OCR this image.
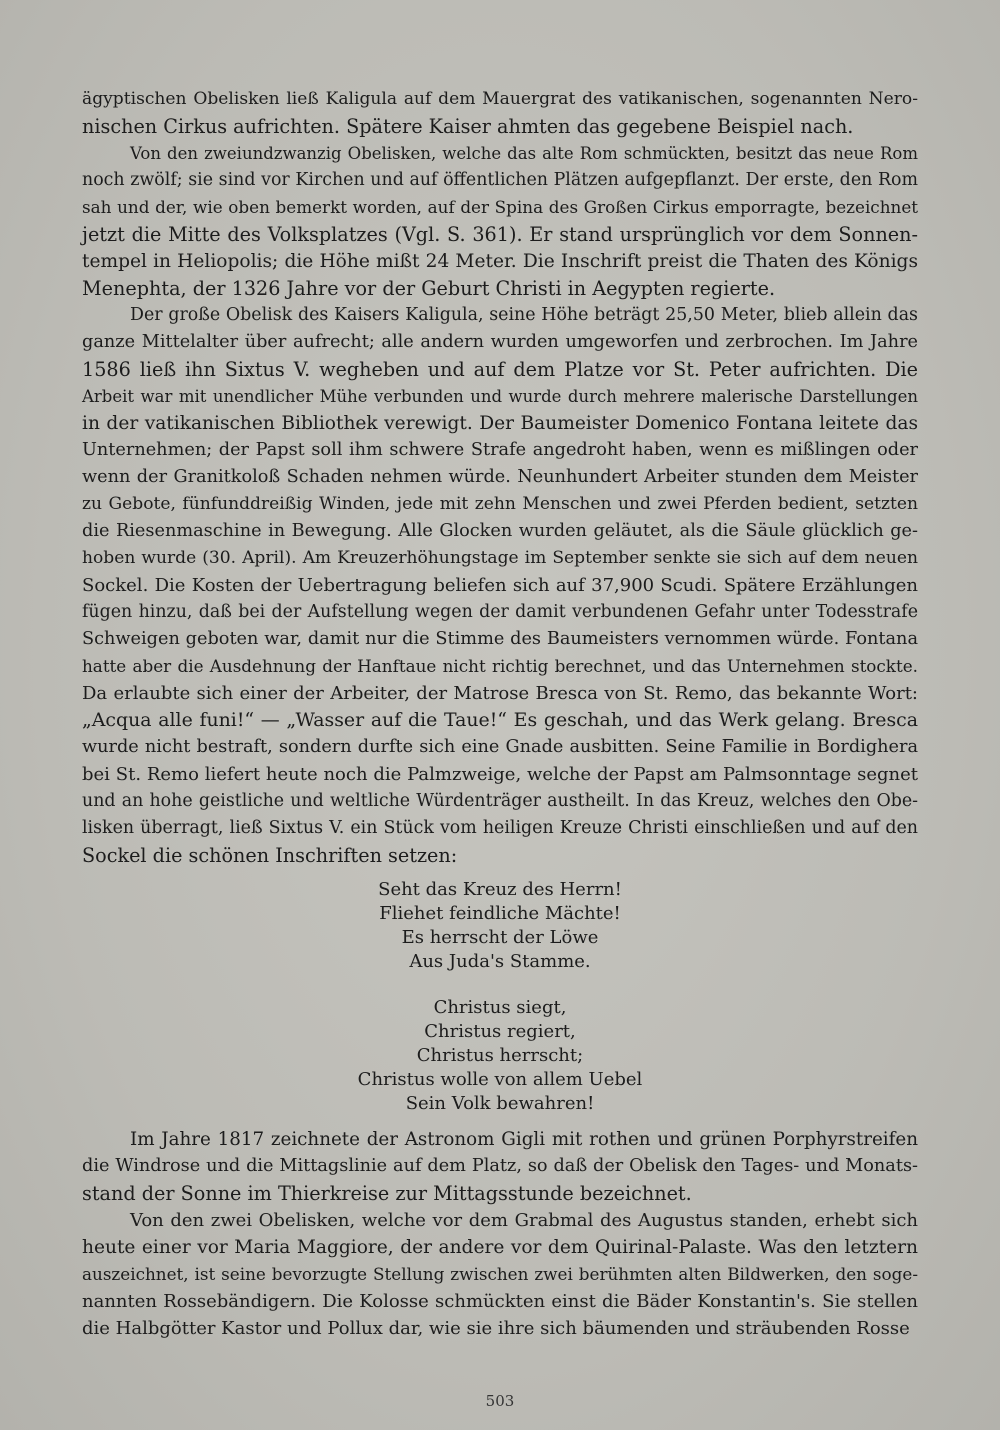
ägyptischen Obelisken ließ Kaligula auf dem Mauergrat des vatikanischen, sogenannten Nero-
nischen Cirkus aufrichten. Spätere Kaiser ahmten das gegebene Beispiel nach.
Von den zweiundzwanzig Obelisken, welche das alte Rom schmückten, besitzt das neue Rom
noch zwölf; sie sind vor Kirchen und auf öffentlichen Plätzen aufgepflanzt. Der erste, den Rom
sah und der, wie oben bemerkt worden, auf der Spina des Großen Cirkus emporragte, bezeichnet
jetzt die Mitte des Volksplatzes (Vgl. S. 361). Er stand ursprünglich vor dem Sonnen-
tempel in Heliopolis; die Höhe mißt 24 Meter. Die Inschrift preist die Thaten des Königs
Menephta, der 1326 Jahre vor der Geburt Christi in Aegypten regierte.
Der große Obelisk des Kaisers Kaligula, seine Höhe beträgt 25,50 Meter, blieb allein das
ganze Mittelalter über aufrecht; alle andern wurden umgeworfen und zerbrochen. Im Jahre
1586 ließ ihn Sixtus V. wegheben und auf dem Platze vor St. Peter aufrichten. Die
Arbeit war mit unendlicher Mühe verbunden und wurde durch mehrere malerische Darstellungen
in der vatikanischen Bibliothek verewigt. Der Baumeister Domenico Fontana leitete das
Unternehmen; der Papst soll ihm schwere Strafe angedroht haben, wenn es mißlingen oder
wenn der Granitkoloß Schaden nehmen würde. Neunhundert Arbeiter stunden dem Meister
zu Gebote, fünfunddreißig Winden, jede mit zehn Menschen und zwei Pferden bedient, setzten
die Riesenmaschine in Bewegung. Alle Glocken wurden geläutet, als die Säule glücklich ge-
hoben wurde (30. April). Am Kreuzerhöhungstage im September senkte sie sich auf dem neuen
Sockel. Die Kosten der Uebertragung beliefen sich auf 37,900 Scudi. Spätere Erzählungen
fügen hinzu, daß bei der Aufstellung wegen der damit verbundenen Gefahr unter Todesstrafe
Schweigen geboten war, damit nur die Stimme des Baumeisters vernommen würde. Fontana
hatte aber die Ausdehnung der Hanftaue nicht richtig berechnet, und das Unternehmen stockte.
Da erlaubte sich einer der Arbeiter, der Matrose Bresca von St. Remo, das bekannte Wort:
„Acqua alle funi!“ — „Wasser auf die Taue!“ Es geschah, und das Werk gelang. Bresca
wurde nicht bestraft, sondern durfte sich eine Gnade ausbitten. Seine Familie in Bordighera
bei St. Remo liefert heute noch die Palmzweige, welche der Papst am Palmsonntage segnet
und an hohe geistliche und weltliche Würdenträger austheilt. In das Kreuz, welches den Obe-
lisken überragt, ließ Sixtus V. ein Stück vom heiligen Kreuze Christi einschließen und auf den
Sockel die schönen Inschriften setzen:
Seht das Kreuz des Herrn!
Fliehet feindliche Mächte!
Es herrscht der Löwe
Aus Juda's Stamme.
Christus siegt,
Christus regiert,
Christus herrscht;
Christus wolle von allem Uebel
Sein Volk bewahren!
Im Jahre 1817 zeichnete der Astronom Gigli mit rothen und grünen Porphyrstreifen
die Windrose und die Mittagslinie auf dem Platz, so daß der Obelisk den Tages- und Monats-
stand der Sonne im Thierkreise zur Mittagsstunde bezeichnet.
Von den zwei Obelisken, welche vor dem Grabmal des Augustus standen, erhebt sich
heute einer vor Maria Maggiore, der andere vor dem Quirinal-Palaste. Was den letztern
auszeichnet, ist seine bevorzugte Stellung zwischen zwei berühmten alten Bildwerken, den soge-
nannten Rossebändigern. Die Kolosse schmückten einst die Bäder Konstantin's. Sie stellen
die Halbgötter Kastor und Pollux dar, wie sie ihre sich bäumenden und sträubenden Rosse
503
